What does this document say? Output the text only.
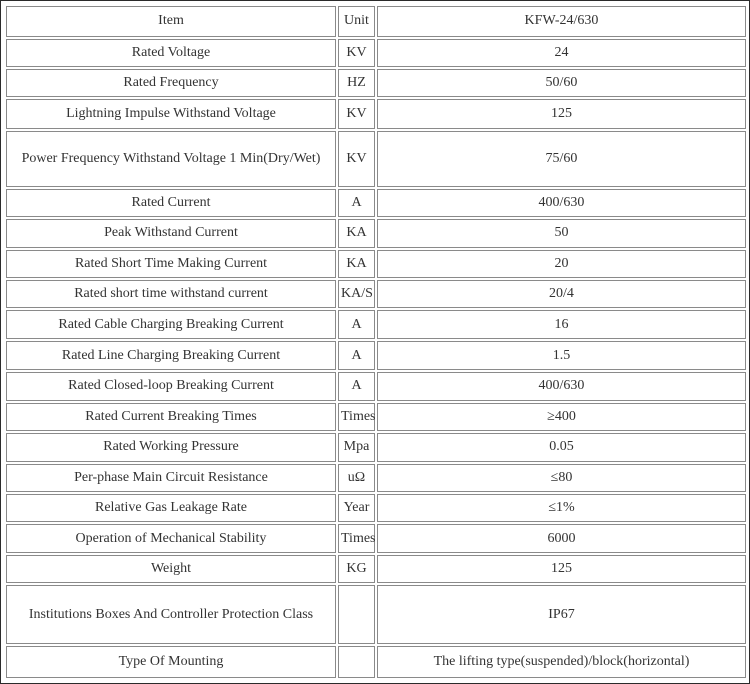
Item	Unit	KFW-24/630
Rated Voltage	KV	24
Rated Frequency	HZ	50/60
Lightning Impulse Withstand Voltage	KV	125
Power Frequency Withstand Voltage 1 Min(Dry/Wet)	KV	75/60
Rated Current	A	400/630
Peak Withstand Current	KA	50
Rated Short Time Making Current	KA	20
Rated short time withstand current	KA/S	20/4
Rated Cable Charging Breaking Current	A	16
Rated Line Charging Breaking Current	A	1.5
Rated Closed-loop Breaking Current	A	400/630
Rated Current Breaking Times	Times	≥400
Rated Working Pressure	Mpa	0.05
Per-phase Main Circuit Resistance	uΩ	≤80
Relative Gas Leakage Rate	Year	≤1%
Operation of Mechanical Stability	Times	6000
Weight	KG	125
Institutions Boxes And Controller Protection Class		IP67
Type Of Mounting		The lifting type(suspended)/block(horizontal)
